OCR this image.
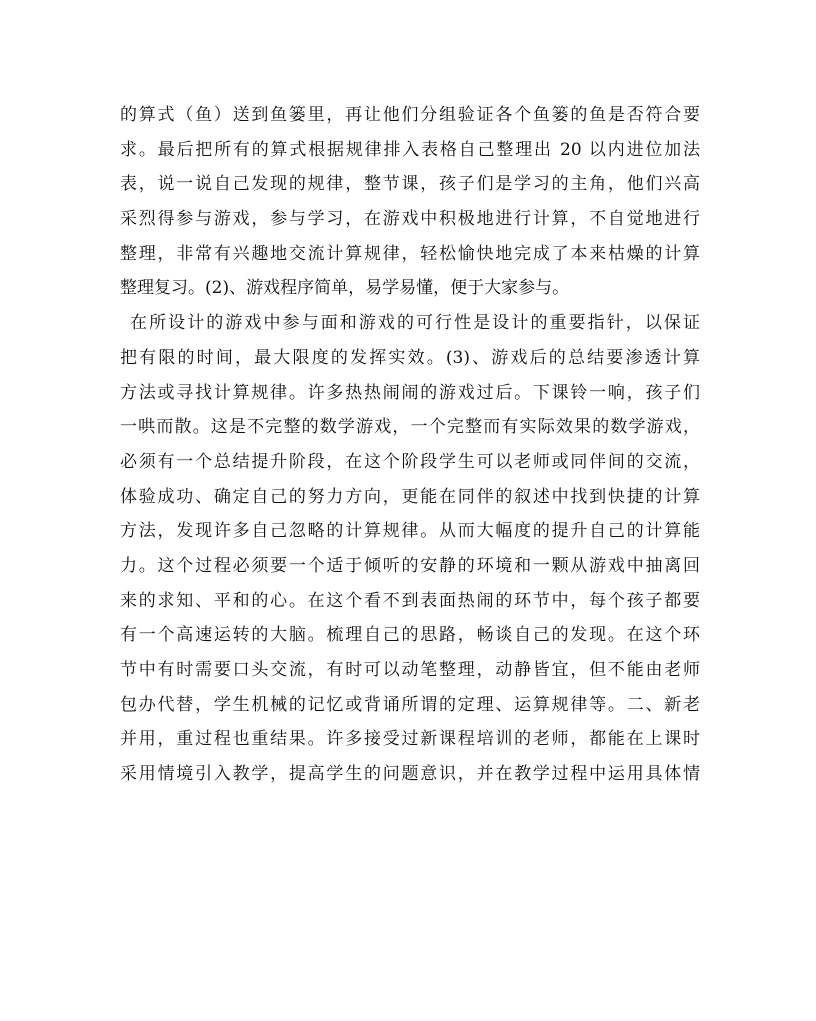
的算式（鱼）送到鱼篓里，再让他们分组验证各个鱼篓的鱼是否符合要
求。最后把所有的算式根据规律排入表格自己整理出 20 以内进位加法
表，说一说自己发现的规律，整节课，孩子们是学习的主角，他们兴高
采烈得参与游戏，参与学习，在游戏中积极地进行计算，不自觉地进行
整理，非常有兴趣地交流计算规律，轻松愉快地完成了本来枯燥的计算
整理复习。(2)、游戏程序简单，易学易懂，便于大家参与。
在所设计的游戏中参与面和游戏的可行性是设计的重要指针，以保证
把有限的时间，最大限度的发挥实效。(3)、游戏后的总结要渗透计算
方法或寻找计算规律。许多热热闹闹的游戏过后。下课铃一响，孩子们
一哄而散。这是不完整的数学游戏，一个完整而有实际效果的数学游戏，
必须有一个总结提升阶段，在这个阶段学生可以老师或同伴间的交流，
体验成功、确定自己的努力方向，更能在同伴的叙述中找到快捷的计算
方法，发现许多自己忽略的计算规律。从而大幅度的提升自己的计算能
力。这个过程必须要一个适于倾听的安静的环境和一颗从游戏中抽离回
来的求知、平和的心。在这个看不到表面热闹的环节中，每个孩子都要
有一个高速运转的大脑。梳理自己的思路，畅谈自己的发现。在这个环
节中有时需要口头交流，有时可以动笔整理，动静皆宜，但不能由老师
包办代替，学生机械的记忆或背诵所谓的定理、运算规律等。二、新老
并用，重过程也重结果。许多接受过新课程培训的老师，都能在上课时
采用情境引入教学，提高学生的问题意识，并在教学过程中运用具体情
